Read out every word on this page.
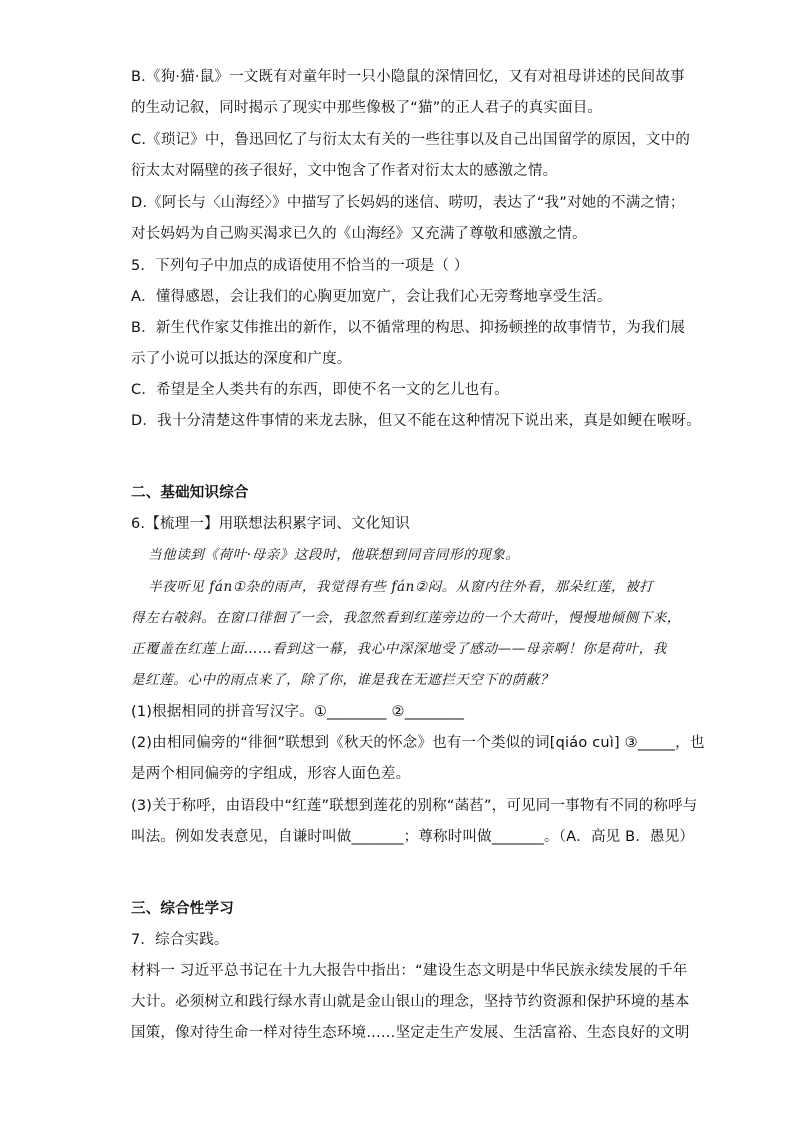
B.《狗·猫·鼠》一文既有对童年时一只小隐鼠的深情回忆，又有对祖母讲述的民间故事
的生动记叙，同时揭示了现实中那些像极了“猫”的正人君子的真实面目。
C.《琐记》中，鲁迅回忆了与衍太太有关的一些往事以及自己出国留学的原因，文中的
衍太太对隔壁的孩子很好，文中饱含了作者对衍太太的感激之情。
D.《阿长与〈山海经〉》中描写了长妈妈的迷信、唠叨，表达了“我”对她的不满之情；
对长妈妈为自己购买渴求已久的《山海经》又充满了尊敬和感激之情。
5．下列句子中加点的成语使用不恰当的一项是（ ）
A．懂得感恩，会让我们的心胸更加宽广，会让我们心无旁骛地享受生活。
B．新生代作家艾伟推出的新作，以不循常理的构思、抑扬顿挫的故事情节，为我们展
示了小说可以抵达的深度和广度。
C．希望是全人类共有的东西，即使不名一文的乞儿也有。
D．我十分清楚这件事情的来龙去脉，但又不能在这种情况下说出来，真是如鲠在喉呀。
二、基础知识综合
6.【梳理一】用联想法积累字词、文化知识
当他读到《荷叶·母亲》这段时，他联想到同音同形的现象。
半夜听见 fán①杂的雨声，我觉得有些 fán②闷。从窗内往外看，那朵红莲，被打
得左右攲斜。在窗口徘徊了一会，我忽然看到红莲旁边的一个大荷叶，慢慢地倾侧下来，
正覆盖在红莲上面……看到这一幕，我心中深深地受了感动——母亲啊！你是荷叶，我
是红莲。心中的雨点来了，除了你，谁是我在无遮拦天空下的荫蔽？
(1)根据相同的拼音写汉字。①________ ②________
(2)由相同偏旁的“徘徊”联想到《秋天的怀念》也有一个类似的词[qiáo cuì] ③_____，也
是两个相同偏旁的字组成，形容人面色差。
(3)关于称呼，由语段中“红莲”联想到莲花的别称“菡萏”，可见同一事物有不同的称呼与
叫法。例如发表意见，自谦时叫做_______；尊称时叫做_______。（A．高见 B．愚见）
三、综合性学习
7．综合实践。
材料一 习近平总书记在十九大报告中指出：“建设生态文明是中华民族永续发展的千年
大计。必须树立和践行绿水青山就是金山银山的理念，坚持节约资源和保护环境的基本
国策，像对待生命一样对待生态环境……坚定走生产发展、生活富裕、生态良好的文明
